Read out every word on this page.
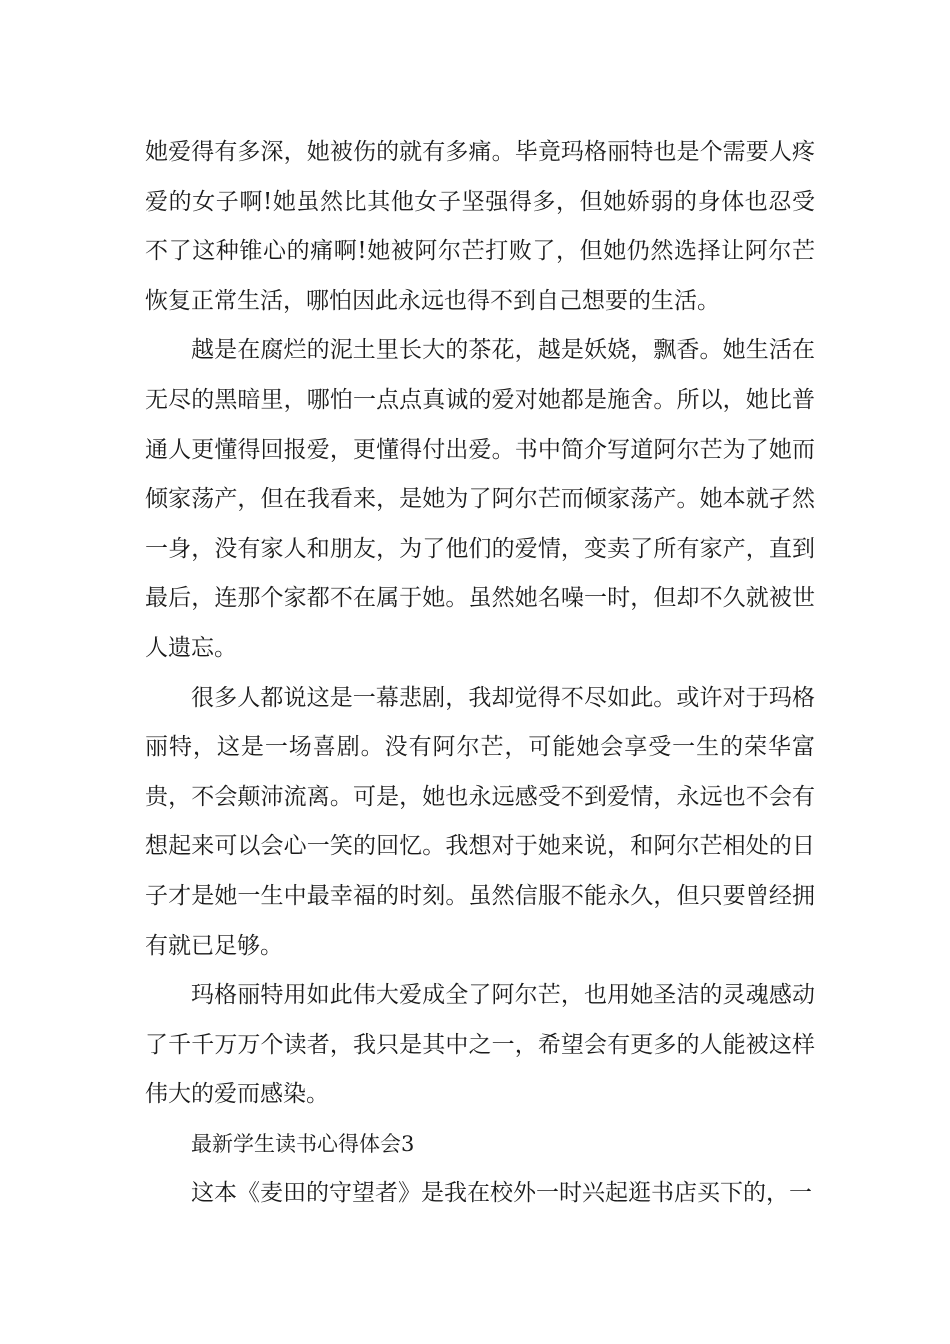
她爱得有多深，她被伤的就有多痛。毕竟玛格丽特也是个需要人疼爱的女子啊!她虽然比其他女子坚强得多，但她娇弱的身体也忍受不了这种锥心的痛啊!她被阿尔芒打败了，但她仍然选择让阿尔芒恢复正常生活，哪怕因此永远也得不到自己想要的生活。

越是在腐烂的泥土里长大的茶花，越是妖娆，飘香。她生活在无尽的黑暗里，哪怕一点点真诚的爱对她都是施舍。所以，她比普通人更懂得回报爱，更懂得付出爱。书中简介写道阿尔芒为了她而倾家荡产，但在我看来，是她为了阿尔芒而倾家荡产。她本就孑然一身，没有家人和朋友，为了他们的爱情，变卖了所有家产，直到最后，连那个家都不在属于她。虽然她名噪一时，但却不久就被世人遗忘。

很多人都说这是一幕悲剧，我却觉得不尽如此。或许对于玛格丽特，这是一场喜剧。没有阿尔芒，可能她会享受一生的荣华富贵，不会颠沛流离。可是，她也永远感受不到爱情，永远也不会有想起来可以会心一笑的回忆。我想对于她来说，和阿尔芒相处的日子才是她一生中最幸福的时刻。虽然信服不能永久，但只要曾经拥有就已足够。

玛格丽特用如此伟大爱成全了阿尔芒，也用她圣洁的灵魂感动了千千万万个读者，我只是其中之一，希望会有更多的人能被这样伟大的爱而感染。

最新学生读书心得体会3

这本《麦田的守望者》是我在校外一时兴起逛书店买下的，一
